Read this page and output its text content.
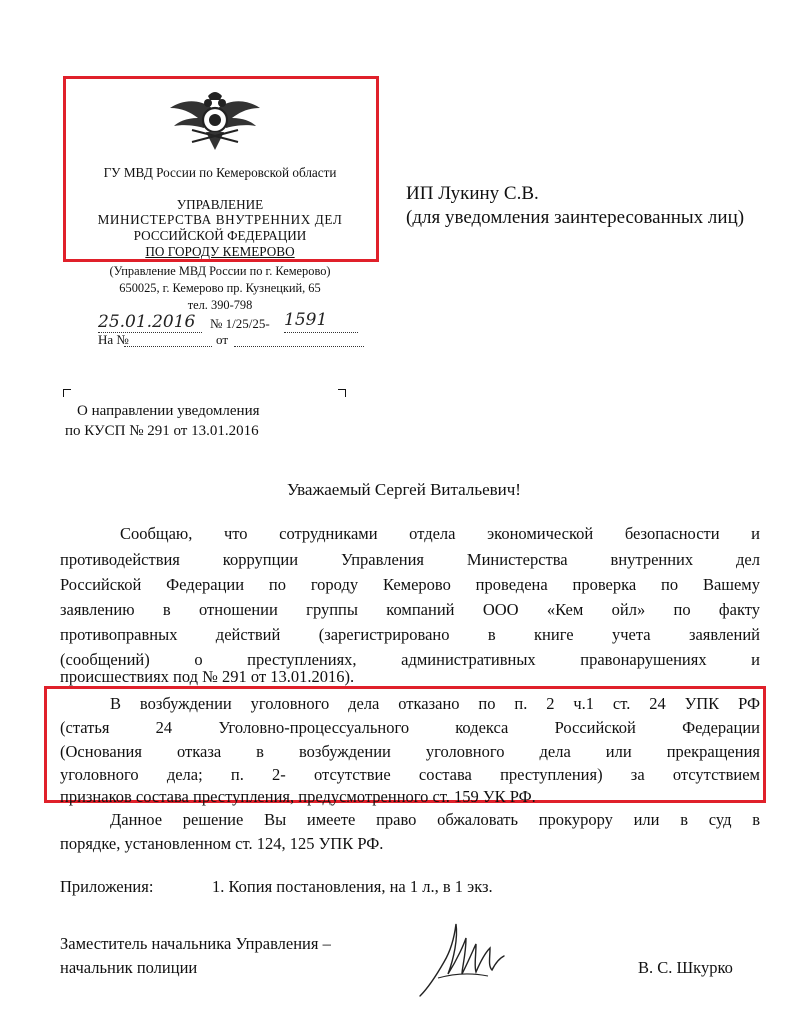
ГУ МВД России по Кемеровской области
УПРАВЛЕНИЕ
МИНИСТЕРСТВА ВНУТРЕННИХ ДЕЛ
РОССИЙСКОЙ ФЕДЕРАЦИИ
ПО ГОРОДУ КЕМЕРОВО
(Управление МВД России по г. Кемерово)
650025, г. Кемерово пр. Кузнецкий, 65
тел. 390-798
25.01.2016 № 1/25/25- 1591
На №	от
ИП Лукину С.В.
(для уведомления заинтересованных лиц)
О направлении уведомления
по КУСП № 291 от 13.01.2016
Уважаемый Сергей Витальевич!
Сообщаю, что сотрудниками отдела экономической безопасности и
противодействия коррупции Управления Министерства внутренних дел
Российской Федерации по городу Кемерово проведена проверка по Вашему
заявлению в отношении группы компаний ООО «Кем ойл» по факту
противоправных действий (зарегистрировано в книге учета заявлений
(сообщений) о преступлениях, административных правонарушениях и
происшествиях под № 291 от 13.01.2016).
В возбуждении уголовного дела отказано по п. 2 ч.1 ст. 24 УПК РФ
(статья 24 Уголовно-процессуального кодекса Российской Федерации
(Основания отказа в возбуждении уголовного дела или прекращения
уголовного дела; п. 2- отсутствие состава преступления) за отсутствием
признаков состава преступления, предусмотренного ст. 159 УК РФ.
Данное решение Вы имеете право обжаловать прокурору или в суд в
порядке, установленном ст. 124, 125 УПК РФ.
Приложения:	1. Копия постановления, на 1 л., в 1 экз.
Заместитель начальника Управления –
начальник полиции	В. С. Шкурко
